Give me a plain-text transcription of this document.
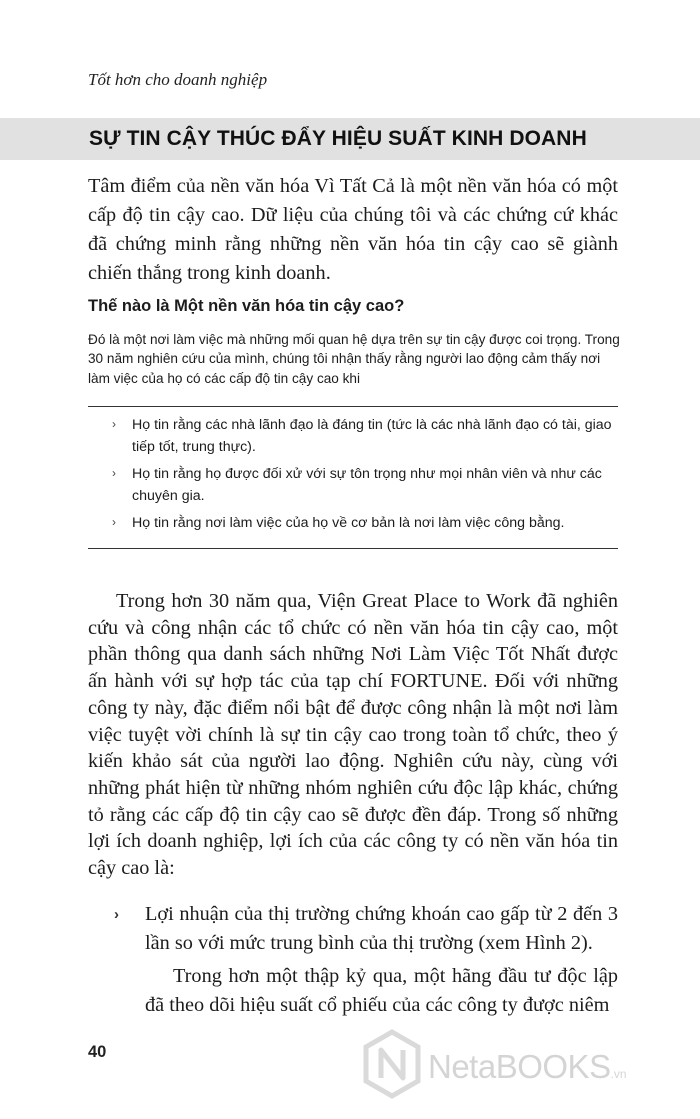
Tốt hơn cho doanh nghiệp
SỰ TIN CẬY THÚC ĐẨY HIỆU SUẤT KINH DOANH

Tâm điểm của nền văn hóa Vì Tất Cả là một nền văn hóa có một cấp độ tin cậy cao. Dữ liệu của chúng tôi và các chứng cứ khác đã chứng minh rằng những nền văn hóa tin cậy cao sẽ giành chiến thắng trong kinh doanh.

Thế nào là Một nền văn hóa tin cậy cao?

Đó là một nơi làm việc mà những mối quan hệ dựa trên sự tin cậy được coi trọng. Trong 30 năm nghiên cứu của mình, chúng tôi nhận thấy rằng người lao động cảm thấy nơi làm việc của họ có các cấp độ tin cậy cao khi

› Họ tin rằng các nhà lãnh đạo là đáng tin (tức là các nhà lãnh đạo có tài, giao tiếp tốt, trung thực).
› Họ tin rằng họ được đối xử với sự tôn trọng như mọi nhân viên và như các chuyên gia.
› Họ tin rằng nơi làm việc của họ về cơ bản là nơi làm việc công bằng.

Trong hơn 30 năm qua, Viện Great Place to Work đã nghiên cứu và công nhận các tổ chức có nền văn hóa tin cậy cao, một phần thông qua danh sách những Nơi Làm Việc Tốt Nhất được ấn hành với sự hợp tác của tạp chí FORTUNE. Đối với những công ty này, đặc điểm nổi bật để được công nhận là một nơi làm việc tuyệt vời chính là sự tin cậy cao trong toàn tổ chức, theo ý kiến khảo sát của người lao động. Nghiên cứu này, cùng với những phát hiện từ những nhóm nghiên cứu độc lập khác, chứng tỏ rằng các cấp độ tin cậy cao sẽ được đền đáp. Trong số những lợi ích doanh nghiệp, lợi ích của các công ty có nền văn hóa tin cậy cao là:

› Lợi nhuận của thị trường chứng khoán cao gấp từ 2 đến 3 lần so với mức trung bình của thị trường (xem Hình 2).

Trong hơn một thập kỷ qua, một hãng đầu tư độc lập đã theo dõi hiệu suất cổ phiếu của các công ty được niêm

40	NetaBOOKS.vn
